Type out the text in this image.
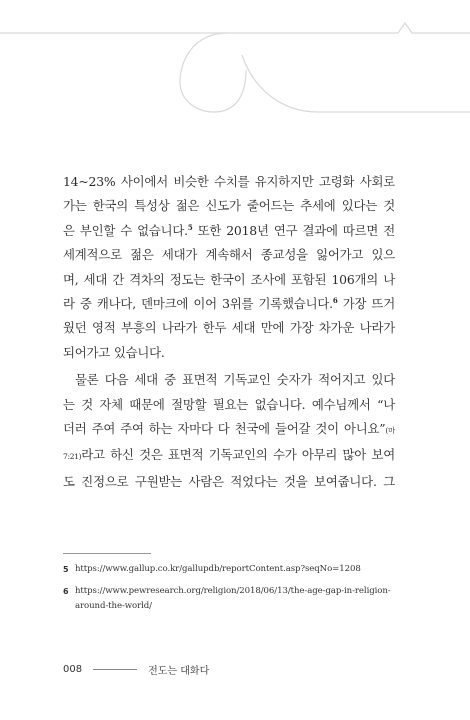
14~23% 사이에서 비슷한 수치를 유지하지만 고령화 사회로
가는 한국의 특성상 젊은 신도가 줄어드는 추세에 있다는 것
은 부인할 수 없습니다.$^5$ 또한 2018년 연구 결과에 따르면 전
세계적으로 젊은 세대가 계속해서 종교성을 잃어가고 있으
며, 세대 간 격차의 정도는 한국이 조사에 포함된 106개의 나
라 중 캐나다, 덴마크에 이어 3위를 기록했습니다.$^6$ 가장 뜨거
웠던 영적 부흥의 나라가 한두 세대 만에 가장 차가운 나라가
되어가고 있습니다.
물론 다음 세대 중 표면적 기독교인 숫자가 적어지고 있다
는 것 자체 때문에 절망할 필요는 없습니다. 예수님께서 “나
더러 주여 주여 하는 자마다 다 천국에 들어갈 것이 아니요”(마
7:21)라고 하신 것은 표면적 기독교인의 수가 아무리 많아 보여
도 진정으로 구원받는 사람은 적었다는 것을 보여줍니다. 그
5 https://www.gallup.co.kr/gallupdb/reportContent.asp?seqNo=1208
6 https://www.pewresearch.org/religion/2018/06/13/the-age-gap-in-religion-around-the-world/
008	전도는 대화다
